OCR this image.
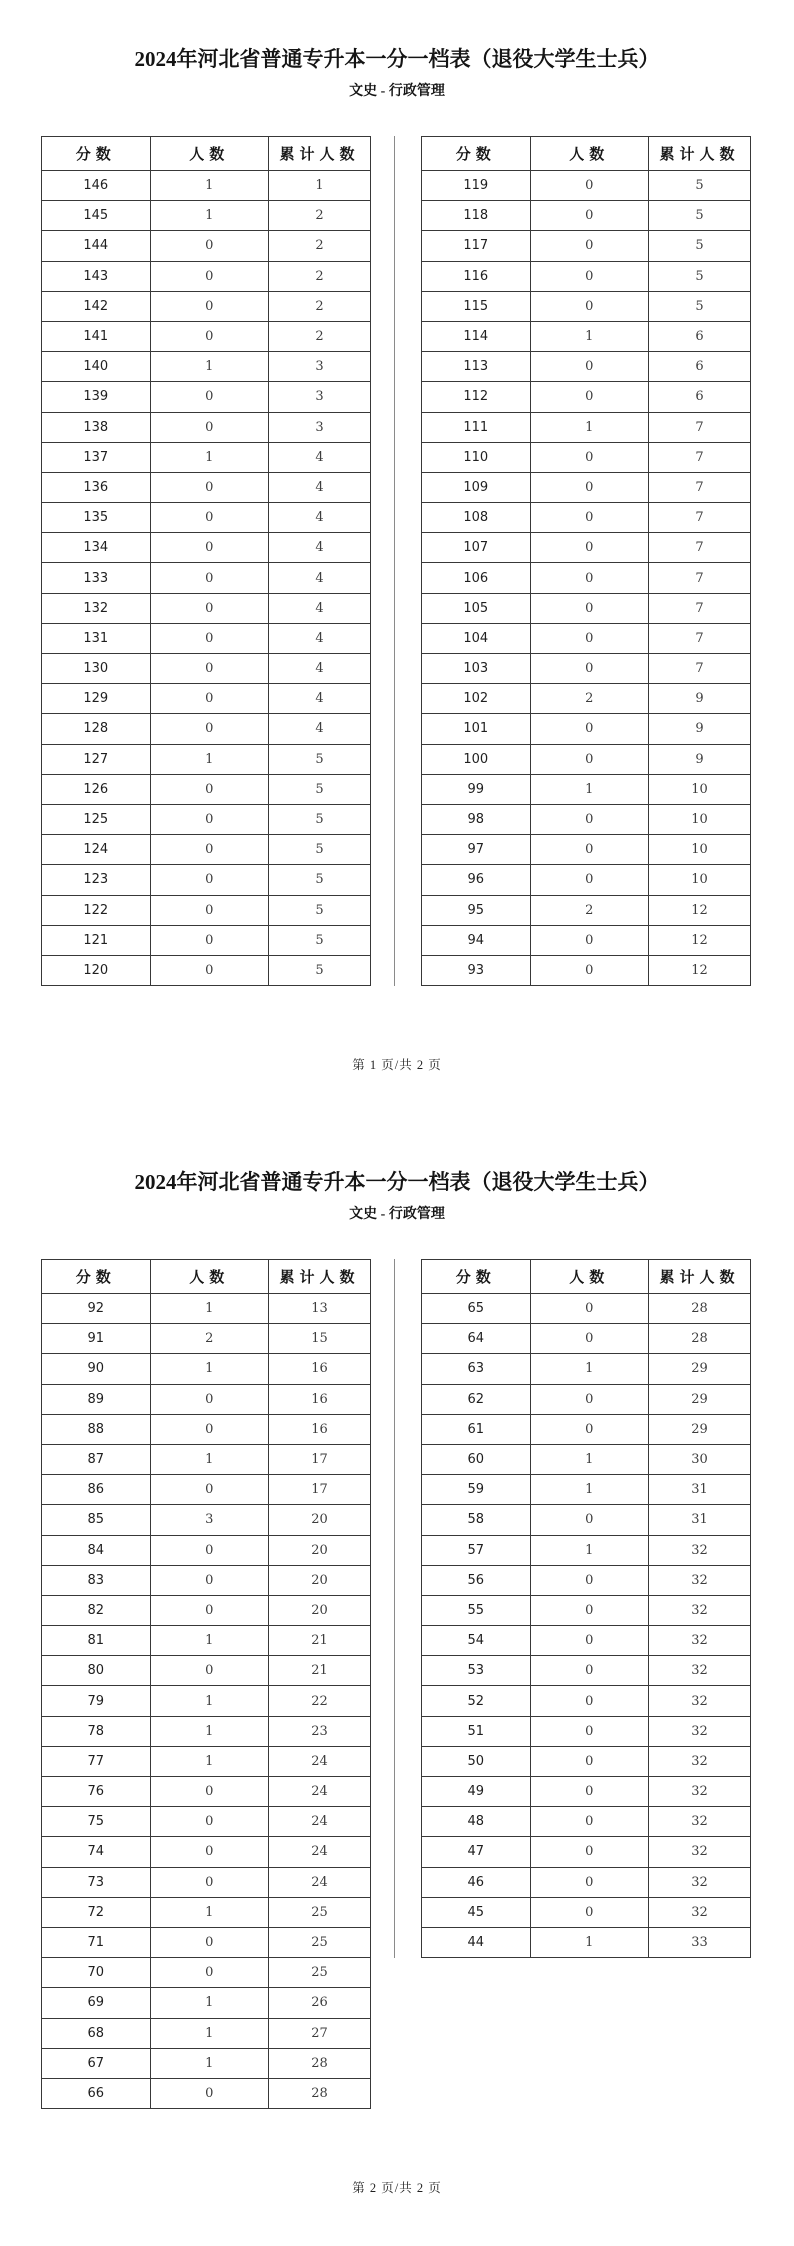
2024年河北省普通专升本一分一档表（退役大学生士兵）
文史 - 行政管理
分数	人数	累计人数
146	1	1
145	1	2
144	0	2
143	0	2
142	0	2
141	0	2
140	1	3
139	0	3
138	0	3
137	1	4
136	0	4
135	0	4
134	0	4
133	0	4
132	0	4
131	0	4
130	0	4
129	0	4
128	0	4
127	1	5
126	0	5
125	0	5
124	0	5
123	0	5
122	0	5
121	0	5
120	0	5
分数	人数	累计人数
119	0	5
118	0	5
117	0	5
116	0	5
115	0	5
114	1	6
113	0	6
112	0	6
111	1	7
110	0	7
109	0	7
108	0	7
107	0	7
106	0	7
105	0	7
104	0	7
103	0	7
102	2	9
101	0	9
100	0	9
99	1	10
98	0	10
97	0	10
96	0	10
95	2	12
94	0	12
93	0	12
第 1 页/共 2 页
2024年河北省普通专升本一分一档表（退役大学生士兵）
文史 - 行政管理
分数	人数	累计人数
92	1	13
91	2	15
90	1	16
89	0	16
88	0	16
87	1	17
86	0	17
85	3	20
84	0	20
83	0	20
82	0	20
81	1	21
80	0	21
79	1	22
78	1	23
77	1	24
76	0	24
75	0	24
74	0	24
73	0	24
72	1	25
71	0	25
70	0	25
69	1	26
68	1	27
67	1	28
66	0	28
分数	人数	累计人数
65	0	28
64	0	28
63	1	29
62	0	29
61	0	29
60	1	30
59	1	31
58	0	31
57	1	32
56	0	32
55	0	32
54	0	32
53	0	32
52	0	32
51	0	32
50	0	32
49	0	32
48	0	32
47	0	32
46	0	32
45	0	32
44	1	33
第 2 页/共 2 页
